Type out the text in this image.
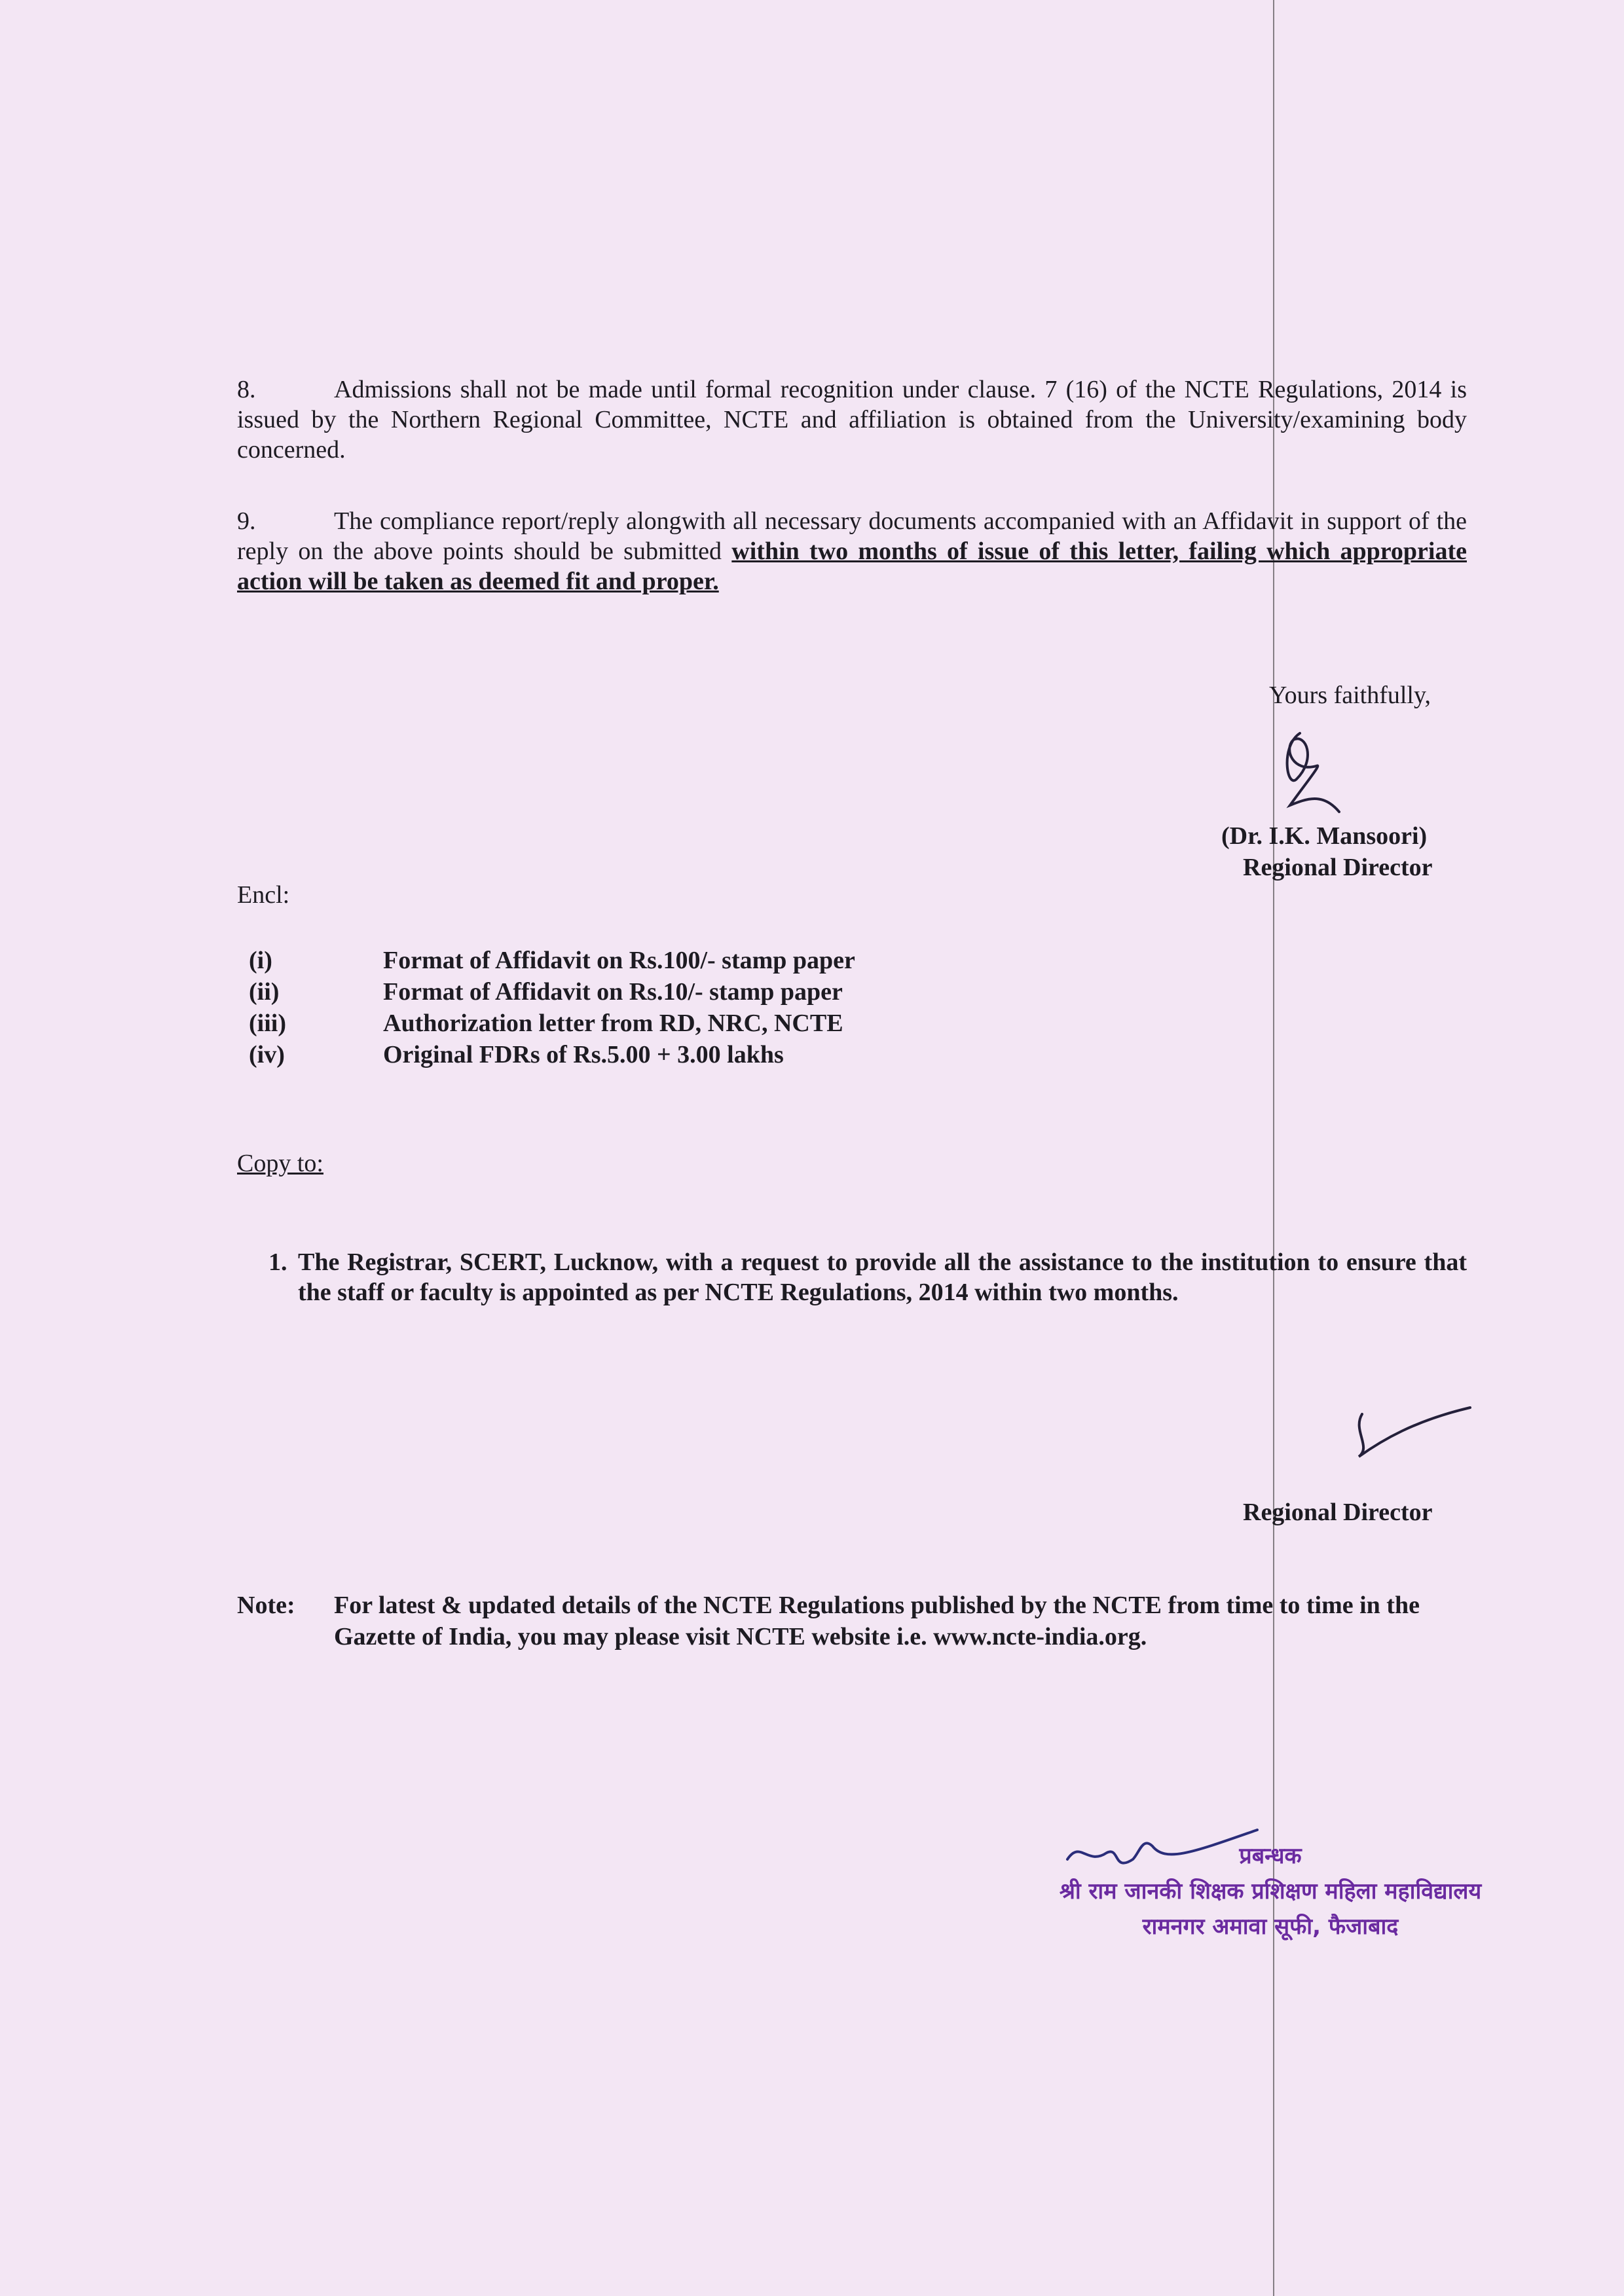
8.	Admissions shall not be made until formal recognition under clause. 7 (16) of the NCTE Regulations, 2014 is issued by the Northern Regional Committee, NCTE and affiliation is obtained from the University/examining body concerned.
9.	The compliance report/reply alongwith all necessary documents accompanied with an Affidavit in support of the reply on the above points should be submitted within two months of issue of this letter, failing which appropriate action will be taken as deemed fit and proper.
Yours faithfully,
(Dr. I.K. Mansoori)
Regional Director
Encl:
(i)	Format of Affidavit on Rs.100/- stamp paper
(ii)	Format of Affidavit on Rs.10/- stamp paper
(iii)	Authorization letter from RD, NRC, NCTE
(iv)	Original FDRs of Rs.5.00 + 3.00 lakhs
Copy to:
1. The Registrar, SCERT, Lucknow, with a request to provide all the assistance to the institution to ensure that the staff or faculty is appointed as per NCTE Regulations, 2014 within two months.
Regional Director
Note: For latest & updated details of the NCTE Regulations published by the NCTE from time to time in the Gazette of India, you may please visit NCTE website i.e. www.ncte-india.org.
प्रबन्धक
श्री राम जानकी शिक्षक प्रशिक्षण महिला महाविद्यालय
रामनगर अमावा सूफी, फैजाबाद
